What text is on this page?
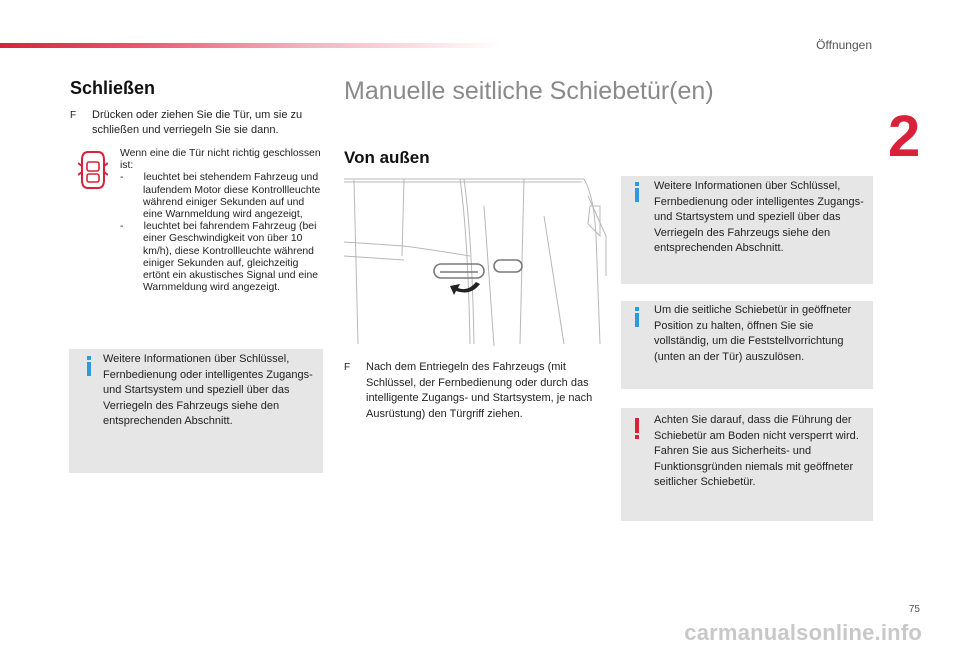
Öffnungen
2
Schließen
F	Drücken oder ziehen Sie die Tür, um sie zu schließen und verriegeln Sie sie dann.
Wenn eine die Tür nicht richtig geschlossen ist:
-       leuchtet bei stehendem Fahrzeug und laufendem Motor diese Kontrollleuchte während einiger Sekunden auf und eine Warnmeldung wird angezeigt,
-       leuchtet bei fahrendem Fahrzeug (bei einer Geschwindigkeit von über 10 km/h), diese Kontrollleuchte während einiger Sekunden auf, gleichzeitig ertönt ein akustisches Signal und eine Warnmeldung wird angezeigt.
Weitere Informationen über Schlüssel, Fernbedienung oder intelligentes Zugangs- und Startsystem und speziell über das Verriegeln des Fahrzeugs siehe den entsprechenden Abschnitt.
Manuelle seitliche Schiebetür(en)
Von außen
F	Nach dem Entriegeln des Fahrzeugs (mit Schlüssel, der Fernbedienung oder durch das intelligente Zugangs- und Startsystem, je nach Ausrüstung) den Türgriff ziehen.
Weitere Informationen über Schlüssel, Fernbedienung oder intelligentes Zugangs- und Startsystem und speziell über das Verriegeln des Fahrzeugs siehe den entsprechenden Abschnitt.
Um die seitliche Schiebetür in geöffneter Position zu halten, öffnen Sie sie vollständig, um die Feststellvorrichtung (unten an der Tür) auszulösen.
Achten Sie darauf, dass die Führung der Schiebetür am Boden nicht versperrt wird.
Fahren Sie aus Sicherheits- und Funktionsgründen niemals mit geöffneter seitlicher Schiebetür.
75
carmanualsonline.info
